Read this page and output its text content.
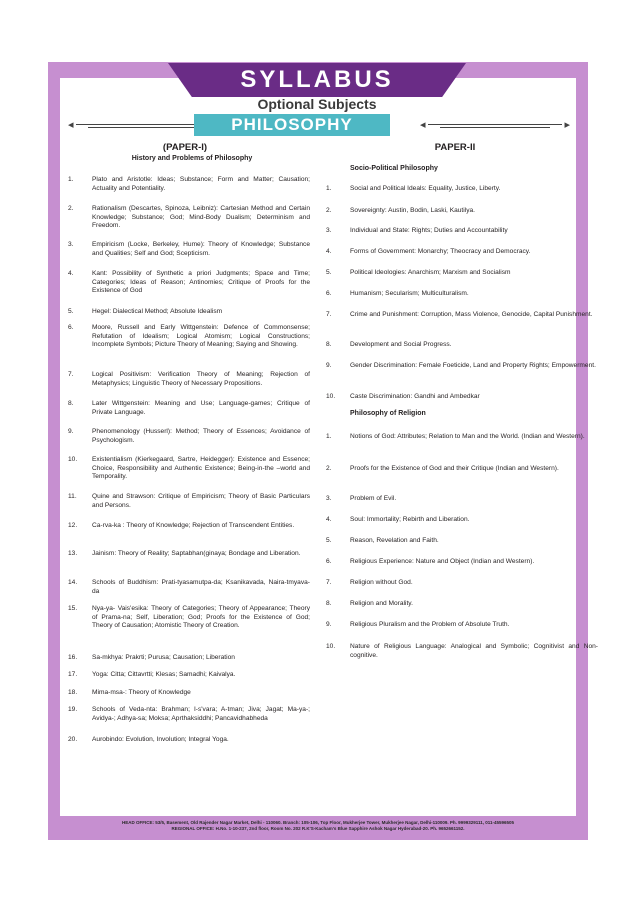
SYLLABUS
Optional Subjects
◂	◂	▸
PHILOSOPHY
(PAPER-I)
History and Problems of Philosophy
PAPER-II
Socio-Political Philosophy
1.	Plato and Aristotle: Ideas; Substance; Form and Matter; Causation; Actuality and Potentiality.
2.	Rationalism (Descartes, Spinoza, Leibniz): Cartesian Method and Certain Knowledge; Substance; God; Mind-Body Dualism; Determinism and Freedom.
3.	Empiricism (Locke, Berkeley, Hume): Theory of Knowledge; Substance and Qualities; Self and God; Scepticism.
4.	Kant: Possibility of Synthetic a priori Judgments; Space and Time; Categories; Ideas of Reason; Antinomies; Critique of Proofs for the Existence of God
5.	Hegel: Dialectical Method; Absolute Idealism
6.	Moore, Russell and Early Wittgenstein: Defence of Commonsense; Refutation of Idealism; Logical Atomism; Logical Constructions; Incomplete Symbols; Picture Theory of Meaning; Saying and Showing.
7.	Logical Positivism: Verification Theory of Meaning; Rejection of Metaphysics; Linguistic Theory of Necessary Propositions.
8.	Later Wittgenstein: Meaning and Use; Language-games; Critique of Private Language.
9.	Phenomenology (Husserl): Method; Theory of Essences; Avoidance of Psychologism.
10. Existentialism (Kierkegaard, Sartre, Heidegger): Existence and Essence; Choice, Responsibility and Authentic Existence; Being-in-the –world and Temporality.
11. Quine and Strawson: Critique of Empiricism; Theory of Basic Particulars and Persons.
12. Ca-rva-ka : Theory of Knowledge; Rejection of Transcendent Entities.
13. Jainism: Theory of Reality; Saptabhan(ginaya; Bondage and Liberation.
14. Schools of Buddhism: Prati-tyasamutpa-da; Ksanikavada, Naira-tmyava-da
15. Nya-ya- Vais'esika: Theory of Categories; Theory of Appearance; Theory of Prama-na; Self, Liberation; God; Proofs for the Existence of God; Theory of Causation; Atomistic Theory of Creation.
16. Sa-mkhya: Prakrti; Purusa; Causation; Liberation
17. Yoga: Citta; Cittavrtti; Klesas; Samadhi; Kaivalya.
18. Mima-msa-: Theory of Knowledge
19. Schools of Veda-nta: Brahman; I-s'vara; A-tman; Jiva; Jagat; Ma-ya-; Avidya-; Adhya-sa; Moksa; Aprthaksiddhi; Pancavidhabheda
20. Aurobindo: Evolution, Involution; Integral Yoga.
1.	Social and Political Ideals: Equality, Justice, Liberty.
2.	Sovereignty: Austin, Bodin, Laski, Kautilya.
3.	Individual and State: Rights; Duties and Accountability
4.	Forms of Government: Monarchy; Theocracy and Democracy.
5.	Political Ideologies: Anarchism; Marxism and Socialism
6.	Humanism; Secularism; Multiculturalism.
7.	Crime and Punishment: Corruption, Mass Violence, Genocide, Capital Punishment.
8.	Development and Social Progress.
9.	Gender Discrimination: Female Foeticide, Land and Property Rights; Empowerment.
10. Caste Discrimination: Gandhi and Ambedkar
1.	Notions of God: Attributes; Relation to Man and the World. (Indian and Western).
2.	Proofs for the Existence of God and their Critique (Indian and Western).
3.	Problem of Evil.
4.	Soul: Immortality; Rebirth and Liberation.
5.	Reason, Revelation and Faith.
6.	Religious Experience: Nature and Object (Indian and Western).
7.	Religion without God.
8.	Religion and Morality.
9.	Religious Pluralism and the Problem of Absolute Truth.
10. Nature of Religious Language: Analogical and Symbolic; Cognitivist and Non- cognitive.
Philosophy of Religion
HEAD OFFICE: 53/5, Basement, Old Rajender Nagar Market, Delhi - 110060. Branch: 105-106, Top Floor, Mukherjee Tower, Mukherjee Nagar, Delhi-110009. Ph. 9999329111, 011-45596505
REGIONAL OFFICE: H.No. 1-10-237, 2nd floor, Room No. 202 R.K'S-Kacham's Blue Sapphire Ashok Nagar Hyderabad-20. Ph. 9652661152.
